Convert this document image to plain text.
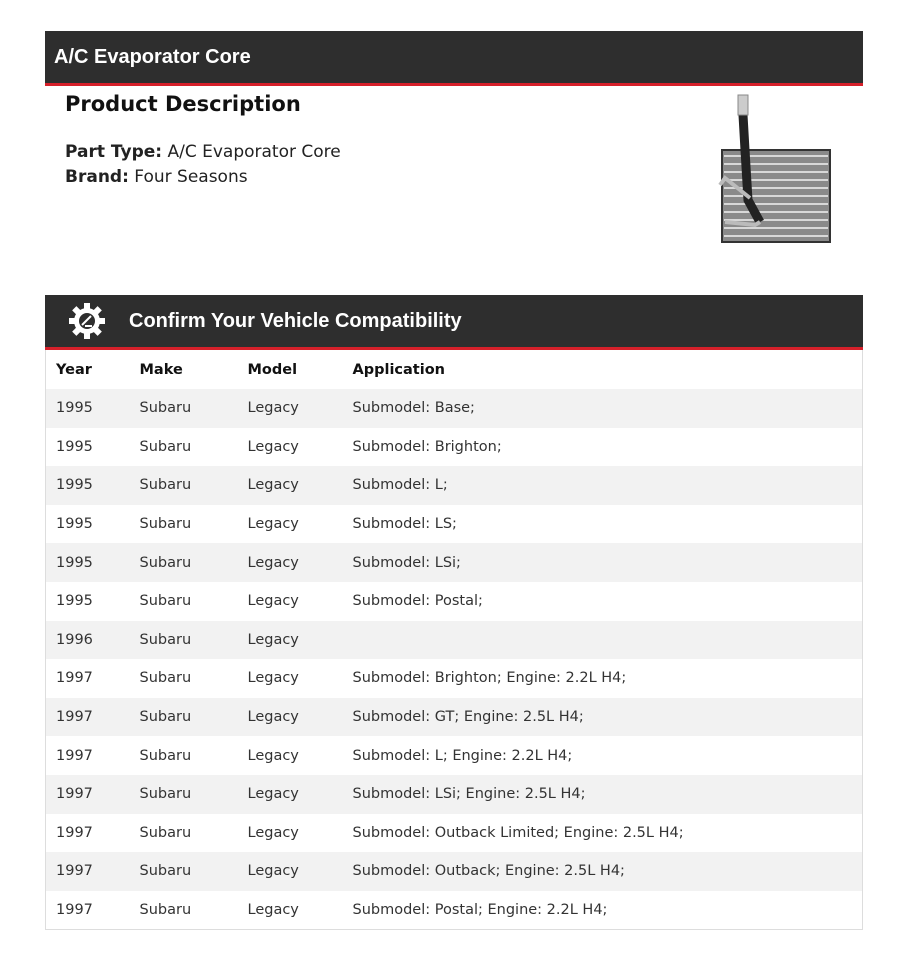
A/C Evaporator Core
Product Description

Part Type: A/C Evaporator Core

Brand: Four Seasons

Confirm Your Vehicle Compatibility
Year	Make	Model	Application
1995	Subaru	Legacy	Submodel: Base;
1995	Subaru	Legacy	Submodel: Brighton;
1995	Subaru	Legacy	Submodel: L;
1995	Subaru	Legacy	Submodel: LS;
1995	Subaru	Legacy	Submodel: LSi;
1995	Subaru	Legacy	Submodel: Postal;
1996	Subaru	Legacy	
1997	Subaru	Legacy	Submodel: Brighton; Engine: 2.2L H4;
1997	Subaru	Legacy	Submodel: GT; Engine: 2.5L H4;
1997	Subaru	Legacy	Submodel: L; Engine: 2.2L H4;
1997	Subaru	Legacy	Submodel: LSi; Engine: 2.5L H4;
1997	Subaru	Legacy	Submodel: Outback Limited; Engine: 2.5L H4;
1997	Subaru	Legacy	Submodel: Outback; Engine: 2.5L H4;
1997	Subaru	Legacy	Submodel: Postal; Engine: 2.2L H4;
